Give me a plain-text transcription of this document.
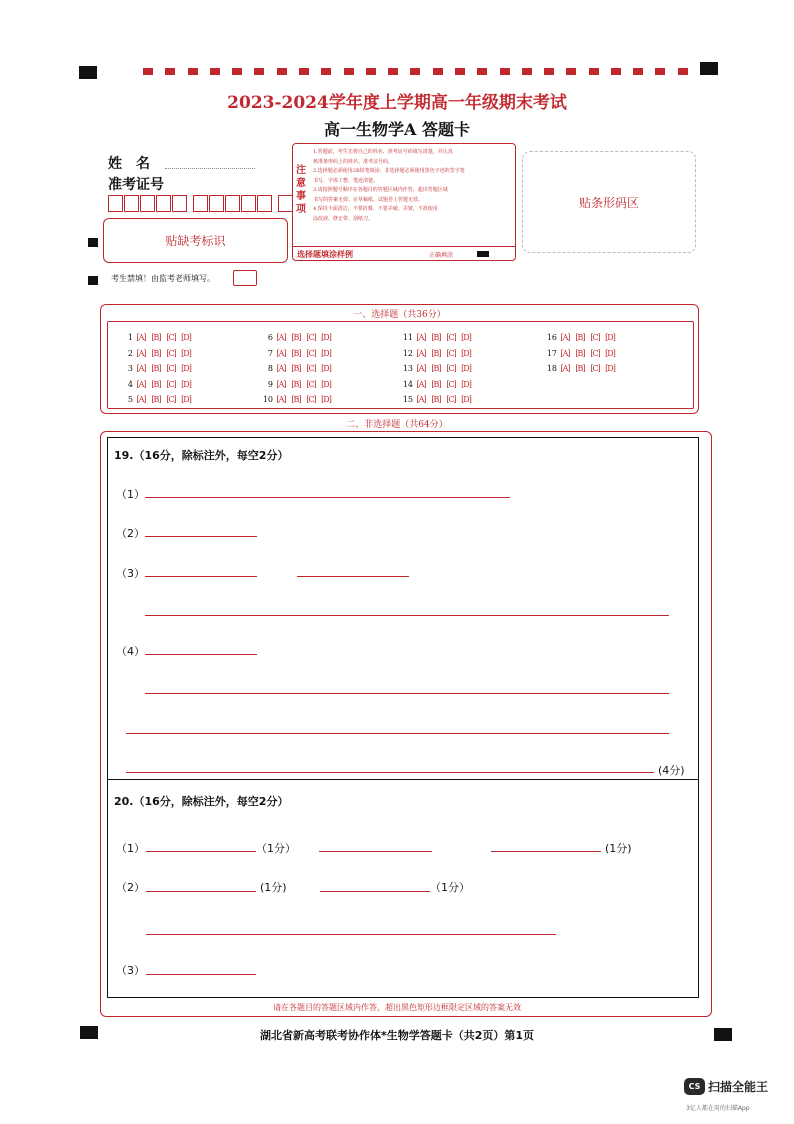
2023-2024学年度上学期高一年级期末考试
高一生物学A 答题卡
姓　名
准考证号

贴缺考标识
考生禁填！由监考老师填写。
注
意
事
项
1.答题前，考生先将自己的姓名、准考证号码填写清楚，并认真
核准条形码上的姓名、准考证号码。
2.选择题必须使用2B铅笔填涂；非选择题必须使用黑色字迹的签字笔
书写，字体工整、笔迹清楚。
3.请按照题号顺序在各题目的答题区域内作答，超出答题区域
书写的答案无效；在草稿纸、试题卷上答题无效。
4.保持卡面清洁，不要折叠、不要弄破、弄皱，不准使用
涂改液、修正带、刮纸刀。
选择题填涂样例	正确填涂
贴条形码区
一、选择题（共36分）
1 [A] [B] [C] [D]
2 [A] [B] [C] [D]
3 [A] [B] [C] [D]
4 [A] [B] [C] [D]
5 [A] [B] [C] [D]
6 [A] [B] [C] [D]
7 [A] [B] [C] [D]
8 [A] [B] [C] [D]
9 [A] [B] [C] [D]
10 [A] [B] [C] [D]
11 [A] [B] [C] [D]
12 [A] [B] [C] [D]
13 [A] [B] [C] [D]
14 [A] [B] [C] [D]
15 [A] [B] [C] [D]
16 [A] [B] [C] [D]
17 [A] [B] [C] [D]
18 [A] [B] [C] [D]
二、非选择题（共64分）
19.（16分，除标注外，每空2分）
（1）
（2）
（3）
（4）
(4分)
20.（16分，除标注外，每空2分）
（1）	（1分）	(1分)
（2）	(1分)	（1分）
（3）
请在各题目的答题区域内作答，超出黑色矩形边框限定区域的答案无效
湖北省新高考联考协作体*生物学答题卡（共2页）第1页
CS 扫描全能王
3亿人都在用的扫描App
